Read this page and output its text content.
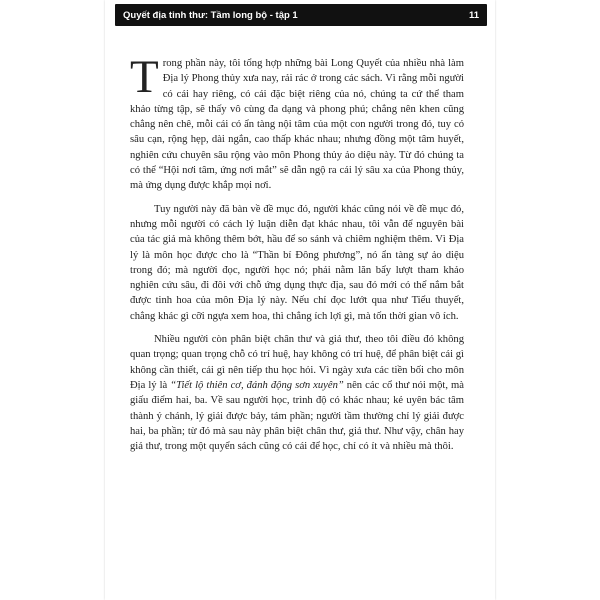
Quyết địa tinh thư: Tầm long bộ - tập 1	11

Trong phần này, tôi tổng hợp những bài Long Quyết của nhiều nhà làm Địa lý Phong thủy xưa nay, rải rác ở trong các sách. Vì rằng mỗi người có cái hay riêng, có cái đặc biệt riêng của nó, chúng ta cứ thể tham khảo từng tập, sẽ thấy vô cùng đa dạng và phong phú; chẳng nên khen cũng chẳng nên chê, mỗi cái có ẩn tàng nội tâm của một con người trong đó, tuy có sâu cạn, rộng hẹp, dài ngắn, cao thấp khác nhau; nhưng đồng một tâm huyết, nghiên cứu chuyên sâu rộng vào môn Phong thủy ảo diệu này. Từ đó chúng ta có thể “Hội nơi tâm, ứng nơi mắt” sẽ dẫn ngộ ra cái lý sâu xa của Phong thủy, mà ứng dụng được khắp mọi nơi.

Tuy người này đã bàn về đề mục đó, người khác cũng nói về đề mục đó, nhưng mỗi người có cách lý luận diễn đạt khác nhau, tôi vẫn để nguyên bài của tác giả mà không thêm bớt, hầu để so sánh và chiêm nghiệm thêm. Vì Địa lý là môn học được cho là “Thần bí Đông phương”, nó ẩn tàng sự ảo diệu trong đó; mà người đọc, người học nó; phải nằm lăn bẩy lượt tham khảo nghiên cứu sâu, đi đôi với chỗ ứng dụng thực địa, sau đó mới có thể nắm bắt được tinh hoa của môn Địa lý này. Nếu chỉ đọc lướt qua như Tiểu thuyết, chẳng khác gì cỡi ngựa xem hoa, thì chẳng ích lợi gì, mà tốn thời gian vô ích.

Nhiều người còn phân biệt chân thư và giả thư, theo tôi điều đó không quan trọng; quan trọng chỗ có trí huệ, hay không có trí huệ, để phân biệt cái gì không cần thiết, cái gì nên tiếp thu học hỏi. Vì ngày xưa các tiền bối cho môn Địa lý là “Tiết lộ thiên cơ, đánh động sơn xuyên” nên các cổ thư nói một, mà giấu điểm hai, ba. Về sau người học, trình độ có khác nhau; kẻ uyên bác tâm thành ý chánh, lý giải được bảy, tám phần; người tầm thường chỉ lý giải được hai, ba phần; từ đó mà sau này phân biệt chân thư, giả thư. Như vậy, chân hay giả thư, trong một quyển sách cũng có cái để học, chỉ có ít và nhiều mà thôi.
